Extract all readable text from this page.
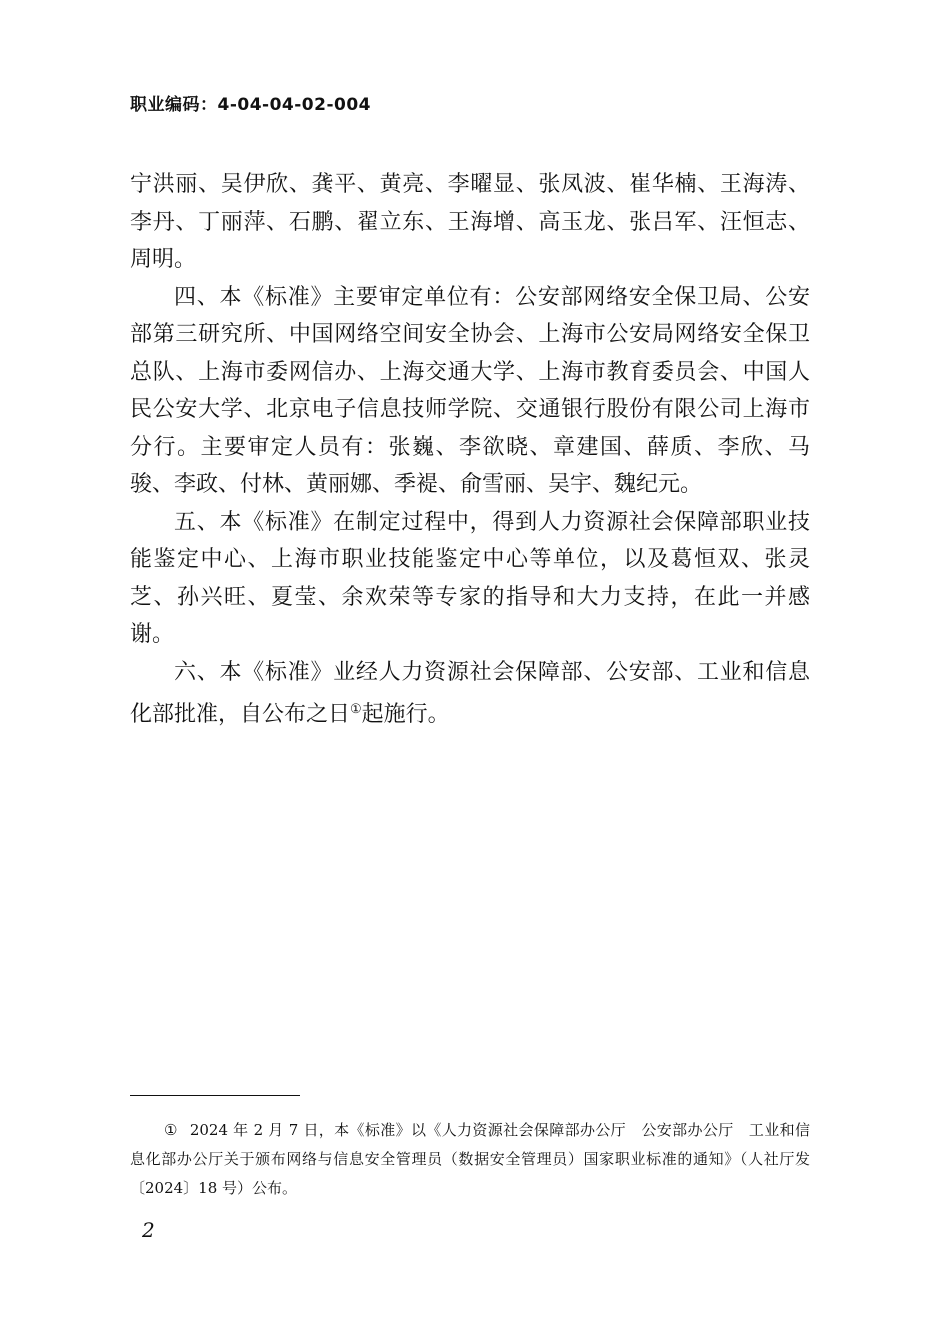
职业编码：4-04-04-02-004

宁洪丽、吴伊欣、龚平、黄亮、李曜显、张凤波、崔华楠、王海涛、李丹、丁丽萍、石鹏、翟立东、王海增、高玉龙、张吕军、汪恒志、周明。

四、本《标准》主要审定单位有：公安部网络安全保卫局、公安部第三研究所、中国网络空间安全协会、上海市公安局网络安全保卫总队、上海市委网信办、上海交通大学、上海市教育委员会、中国人民公安大学、北京电子信息技师学院、交通银行股份有限公司上海市分行。主要审定人员有：张巍、李欲晓、章建国、薛质、李欣、马骏、李政、付林、黄丽娜、季褆、俞雪丽、吴宇、魏纪元。

五、本《标准》在制定过程中，得到人力资源社会保障部职业技能鉴定中心、上海市职业技能鉴定中心等单位，以及葛恒双、张灵芝、孙兴旺、夏莹、余欢荣等专家的指导和大力支持，在此一并感谢。

六、本《标准》业经人力资源社会保障部、公安部、工业和信息化部批准，自公布之日①起施行。

① 2024 年 2 月 7 日，本《标准》以《人力资源社会保障部办公厅　公安部办公厅　工业和信息化部办公厅关于颁布网络与信息安全管理员（数据安全管理员）国家职业标准的通知》（人社厅发〔2024〕18 号）公布。
2
